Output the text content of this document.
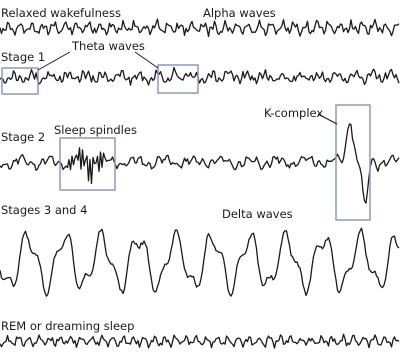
Relaxed wakefulness	Alpha waves
Stage 1
Theta waves
Stage 2 Sleep spindles
K-complex
Stages 3 and 4	Delta waves
REM or dreaming sleep
